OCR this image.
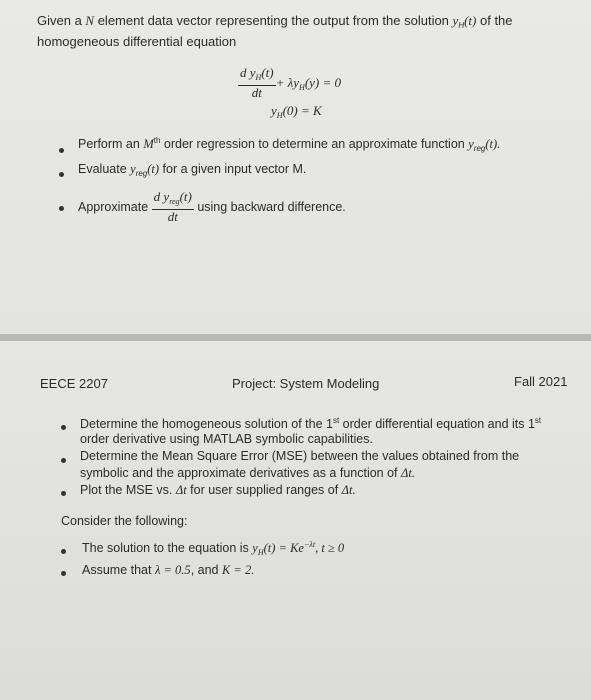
Given a N element data vector representing the output from the solution $y_H(t)$ of the
homogeneous differential equation
$\frac{d y_H(t)}{dt} + \lambda y_H(y) = 0$
$y_H(0) = K$
Perform an Mth order regression to determine an approximate function $y_{reg}(t)$.
Evaluate $y_{reg}(t)$ for a given input vector M.
Approximate $\frac{d y_{reg}(t)}{dt}$ using backward difference.
EECE 2207	Project: System Modeling	Fall 2021
Determine the homogeneous solution of the 1st order differential equation and its 1st
order derivative using MATLAB symbolic capabilities.
Determine the Mean Square Error (MSE) between the values obtained from the
symbolic and the approximate derivatives as a function of Δt.
Plot the MSE vs. Δt for user supplied ranges of Δt.
Consider the following:
The solution to the equation is $y_H(t) = Ke^{-\lambda t}$, t ≥ 0
Assume that λ = 0.5, and K = 2.
